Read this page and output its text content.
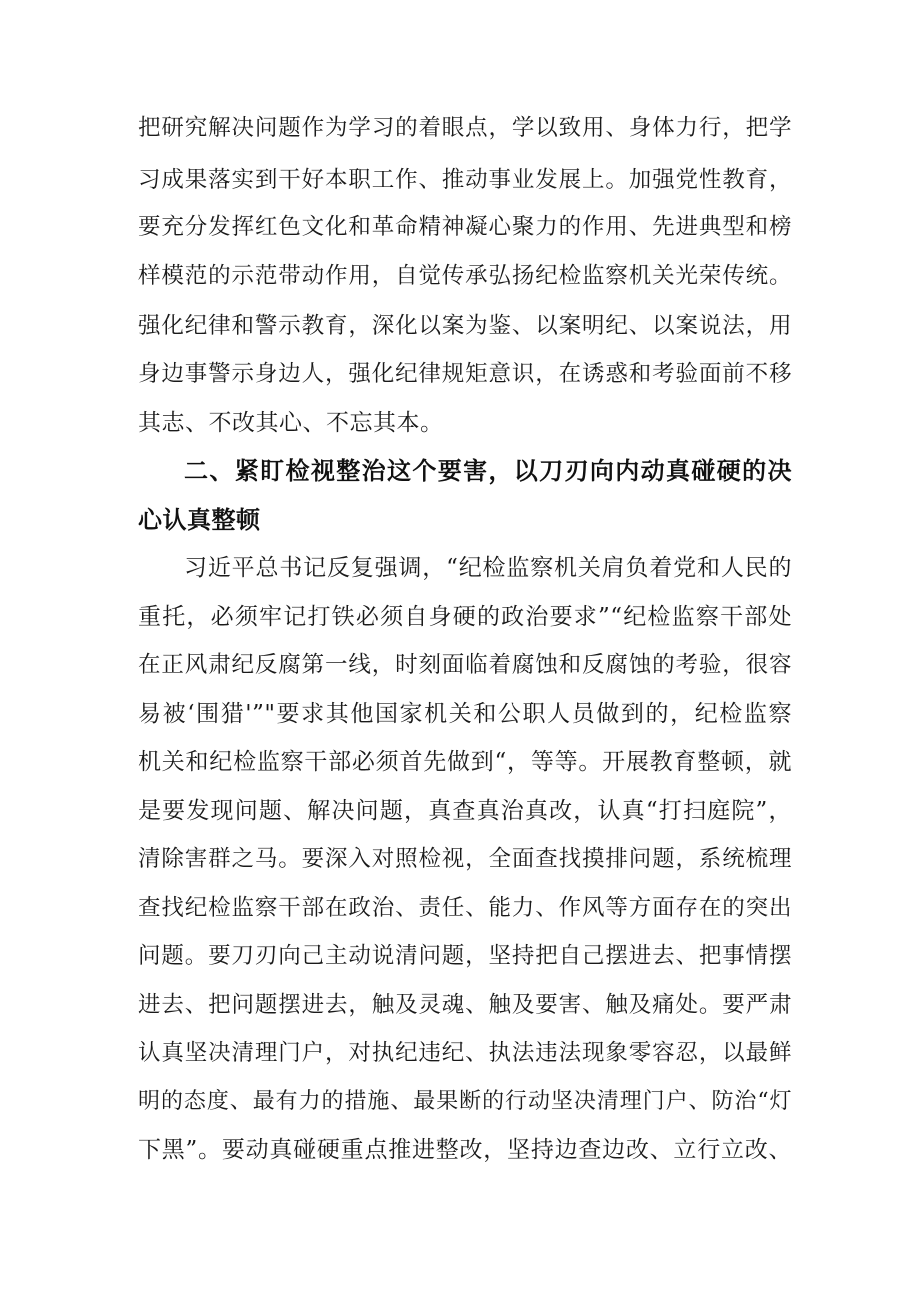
把研究解决问题作为学习的着眼点，学以致用、身体力行，把学
习成果落实到干好本职工作、推动事业发展上。加强党性教育，
要充分发挥红色文化和革命精神凝心聚力的作用、先进典型和榜
样模范的示范带动作用，自觉传承弘扬纪检监察机关光荣传统。
强化纪律和警示教育，深化以案为鉴、以案明纪、以案说法，用
身边事警示身边人，强化纪律规矩意识，在诱惑和考验面前不移
其志、不改其心、不忘其本。
二、紧盯检视整治这个要害，以刀刃向内动真碰硬的决
心认真整顿
习近平总书记反复强调，“纪检监察机关肩负着党和人民的
重托，必须牢记打铁必须自身硬的政治要求”“纪检监察干部处
在正风肃纪反腐第一线，时刻面临着腐蚀和反腐蚀的考验，很容
易被‘围猎'”"要求其他国家机关和公职人员做到的，纪检监察
机关和纪检监察干部必须首先做到“，等等。开展教育整顿，就
是要发现问题、解决问题，真查真治真改，认真“打扫庭院”，
清除害群之马。要深入对照检视，全面查找摸排问题，系统梳理
查找纪检监察干部在政治、责任、能力、作风等方面存在的突出
问题。要刀刃向己主动说清问题，坚持把自己摆进去、把事情摆
进去、把问题摆进去，触及灵魂、触及要害、触及痛处。要严肃
认真坚决清理门户，对执纪违纪、执法违法现象零容忍，以最鲜
明的态度、最有力的措施、最果断的行动坚决清理门户、防治“灯
下黑”。要动真碰硬重点推进整改，坚持边查边改、立行立改、
